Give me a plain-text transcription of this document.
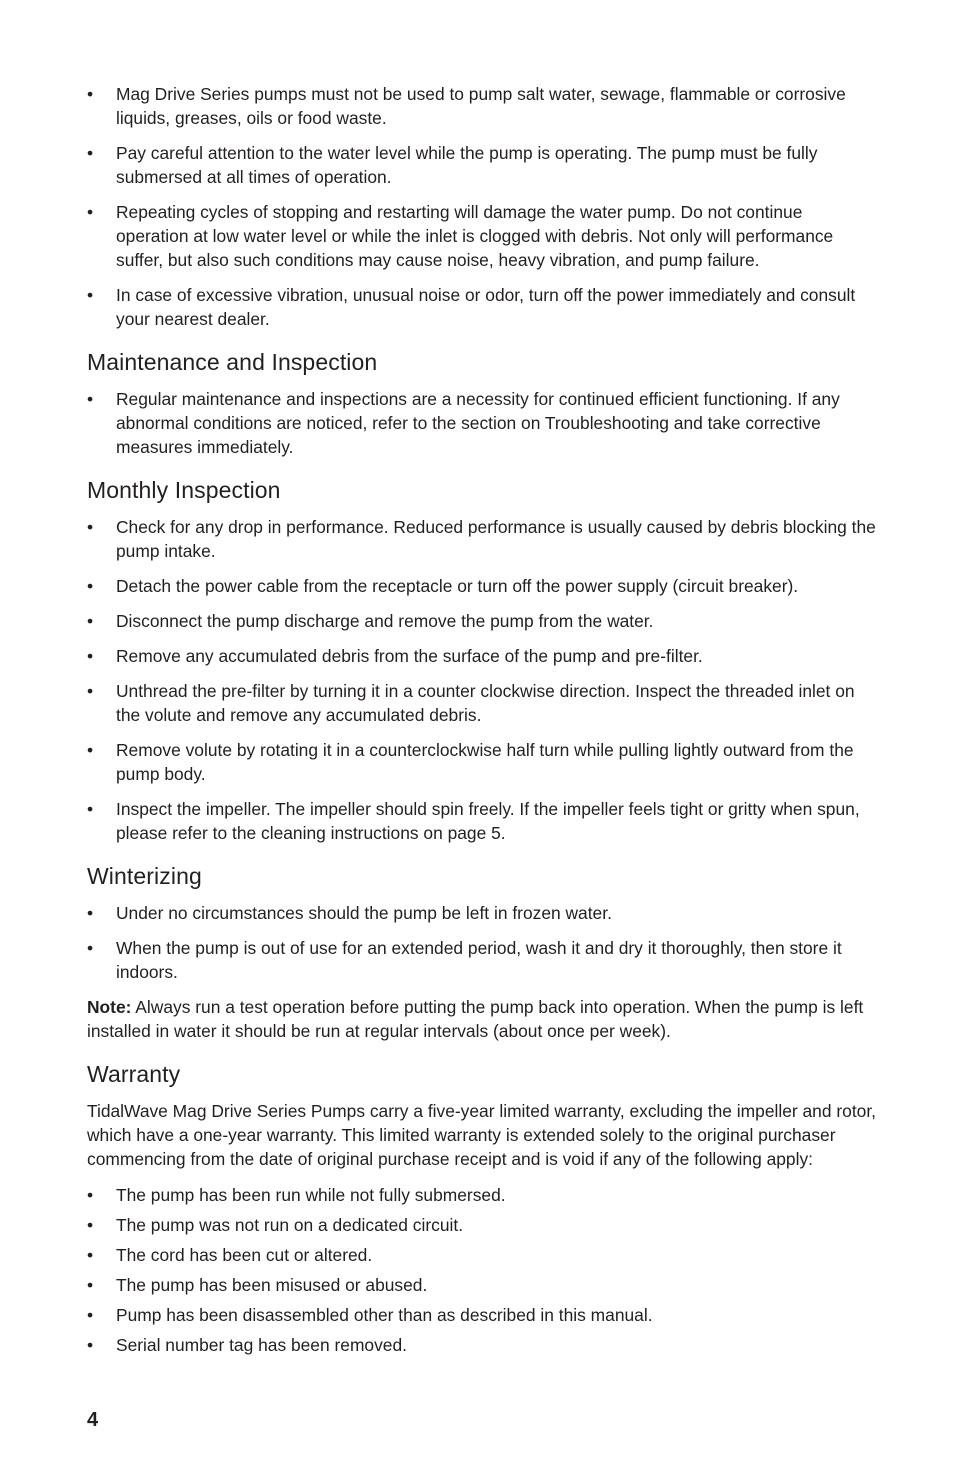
•	Mag Drive Series pumps must not be used to pump salt water, sewage, flammable or corrosive liquids, greases, oils or food waste.
•	Pay careful attention to the water level while the pump is operating. The pump must be fully submersed at all times of operation.
•	Repeating cycles of stopping and restarting will damage the water pump. Do not continue operation at low water level or while the inlet is clogged with debris. Not only will performance suffer, but also such conditions may cause noise, heavy vibration, and pump failure.
•	In case of excessive vibration, unusual noise or odor, turn off the power immediately and consult your nearest dealer.
Maintenance and Inspection
•	Regular maintenance and inspections are a necessity for continued efficient functioning. If any abnormal conditions are noticed, refer to the section on Troubleshooting and take corrective measures immediately.
Monthly Inspection
•	Check for any drop in performance. Reduced performance is usually caused by debris blocking the pump intake.
•	Detach the power cable from the receptacle or turn off the power supply (circuit breaker).
•	Disconnect the pump discharge and remove the pump from the water.
•	Remove any accumulated debris from the surface of the pump and pre-filter.
•	Unthread the pre-filter by turning it in a counter clockwise direction. Inspect the threaded inlet on the volute and remove any accumulated debris.
•	Remove volute by rotating it in a counterclockwise half turn while pulling lightly outward from the pump body.
•	Inspect the impeller. The impeller should spin freely. If the impeller feels tight or gritty when spun, please refer to the cleaning instructions on page 5.
Winterizing
•	Under no circumstances should the pump be left in frozen water.
•	When the pump is out of use for an extended period, wash it and dry it thoroughly, then store it indoors.

Note: Always run a test operation before putting the pump back into operation. When the pump is left installed in water it should be run at regular intervals (about once per week).

Warranty

TidalWave Mag Drive Series Pumps carry a five-year limited warranty, excluding the impeller and rotor, which have a one-year warranty. This limited warranty is extended solely to the original purchaser commencing from the date of original purchase receipt and is void if any of the following apply:

•	The pump has been run while not fully submersed.
•	The pump was not run on a dedicated circuit.
•	The cord has been cut or altered.
•	The pump has been misused or abused.
•	Pump has been disassembled other than as described in this manual.
•	Serial number tag has been removed.
4
